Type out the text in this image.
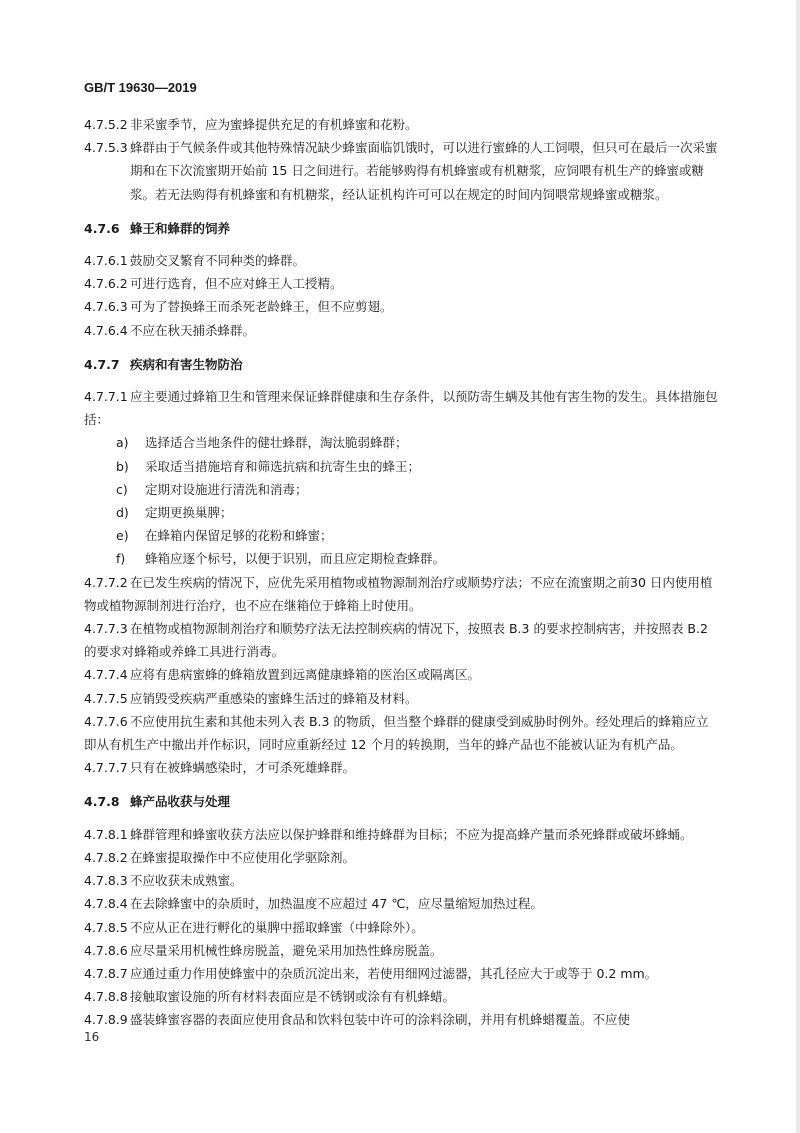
GB/T 19630—2019
4.7.5.2 非采蜜季节，应为蜜蜂提供充足的有机蜂蜜和花粉。
4.7.5.3 蜂群由于气候条件或其他特殊情况缺少蜂蜜面临饥饿时，可以进行蜜蜂的人工饲喂，但只可在最后一次采蜜期和在下次流蜜期开始前 15 日之间进行。若能够购得有机蜂蜜或有机糖浆，应饲喂有机生产的蜂蜜或糖浆。若无法购得有机蜂蜜和有机糖浆，经认证机构许可可以在规定的时间内饲喂常规蜂蜜或糖浆。
4.7.6 蜂王和蜂群的饲养
4.7.6.1 鼓励交叉繁育不同种类的蜂群。
4.7.6.2 可进行选育，但不应对蜂王人工授精。
4.7.6.3 可为了替换蜂王而杀死老龄蜂王，但不应剪翅。
4.7.6.4 不应在秋天捕杀蜂群。
4.7.7 疾病和有害生物防治
4.7.7.1 应主要通过蜂箱卫生和管理来保证蜂群健康和生存条件，以预防寄生螨及其他有害生物的发生。具体措施包括：
a) 选择适合当地条件的健壮蜂群，淘汰脆弱蜂群；
b) 采取适当措施培育和筛选抗病和抗寄生虫的蜂王；
c) 定期对设施进行清洗和消毒；
d) 定期更换巢脾；
e) 在蜂箱内保留足够的花粉和蜂蜜；
f) 蜂箱应逐个标号，以便于识别，而且应定期检查蜂群。
4.7.7.2 在已发生疾病的情况下，应优先采用植物或植物源制剂治疗或顺势疗法；不应在流蜜期之前30 日内使用植物或植物源制剂进行治疗，也不应在继箱位于蜂箱上时使用。
4.7.7.3 在植物或植物源制剂治疗和顺势疗法无法控制疾病的情况下，按照表 B.3 的要求控制病害，并按照表 B.2 的要求对蜂箱或养蜂工具进行消毒。
4.7.7.4 应将有患病蜜蜂的蜂箱放置到远离健康蜂箱的医治区或隔离区。
4.7.7.5 应销毁受疾病严重感染的蜜蜂生活过的蜂箱及材料。
4.7.7.6 不应使用抗生素和其他未列入表 B.3 的物质，但当整个蜂群的健康受到威胁时例外。经处理后的蜂箱应立即从有机生产中撤出并作标识，同时应重新经过 12 个月的转换期，当年的蜂产品也不能被认证为有机产品。
4.7.7.7 只有在被蜂螨感染时，才可杀死雄蜂群。
4.7.8 蜂产品收获与处理
4.7.8.1 蜂群管理和蜂蜜收获方法应以保护蜂群和维持蜂群为目标；不应为提高蜂产量而杀死蜂群或破坏蜂蛹。
4.7.8.2 在蜂蜜提取操作中不应使用化学驱除剂。
4.7.8.3 不应收获未成熟蜜。
4.7.8.4 在去除蜂蜜中的杂质时，加热温度不应超过 47 ℃，应尽量缩短加热过程。
4.7.8.5 不应从正在进行孵化的巢脾中摇取蜂蜜（中蜂除外）。
4.7.8.6 应尽量采用机械性蜂房脱盖，避免采用加热性蜂房脱盖。
4.7.8.7 应通过重力作用使蜂蜜中的杂质沉淀出来，若使用细网过滤器，其孔径应大于或等于 0.2 mm。
4.7.8.8 接触取蜜设施的所有材料表面应是不锈钢或涂有有机蜂蜡。
4.7.8.9 盛装蜂蜜容器的表面应使用食品和饮料包装中许可的涂料涂刷，并用有机蜂蜡覆盖。不应使
16
